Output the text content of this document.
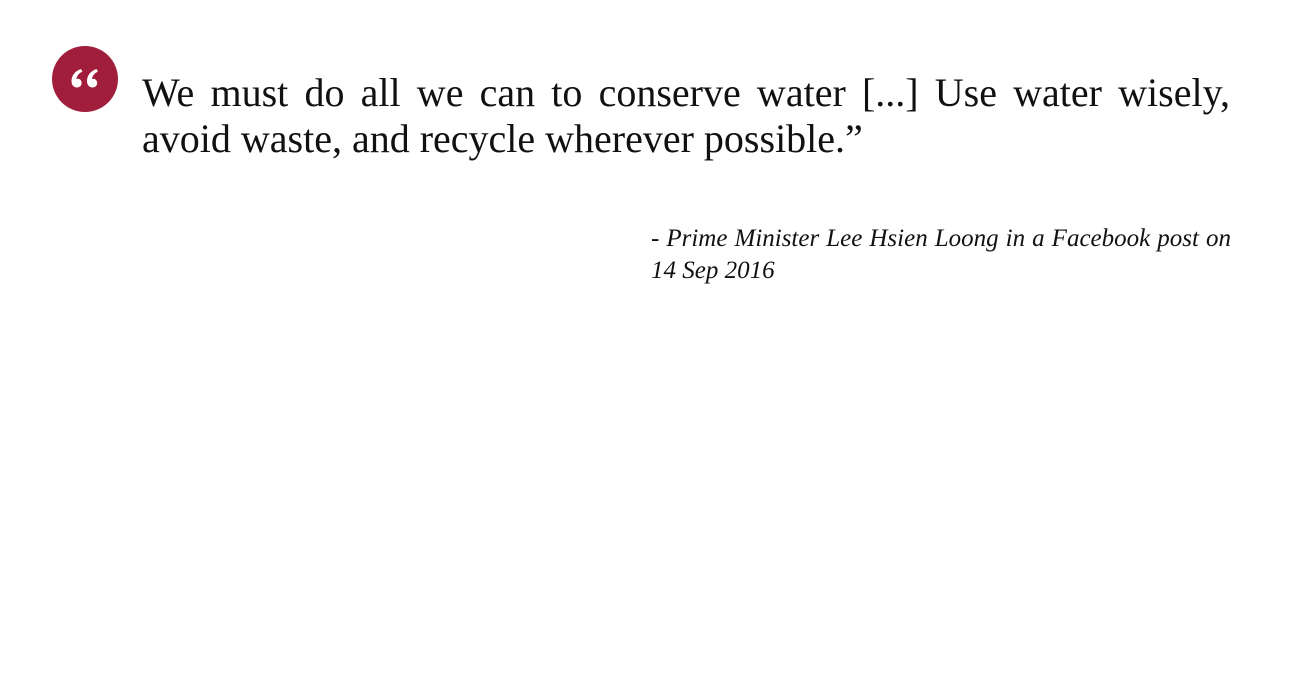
We must do all we can to conserve water [...] Use water wisely, avoid waste, and recycle wherever possible.”

- Prime Minister Lee Hsien Loong in a Facebook post on 14 Sep 2016
